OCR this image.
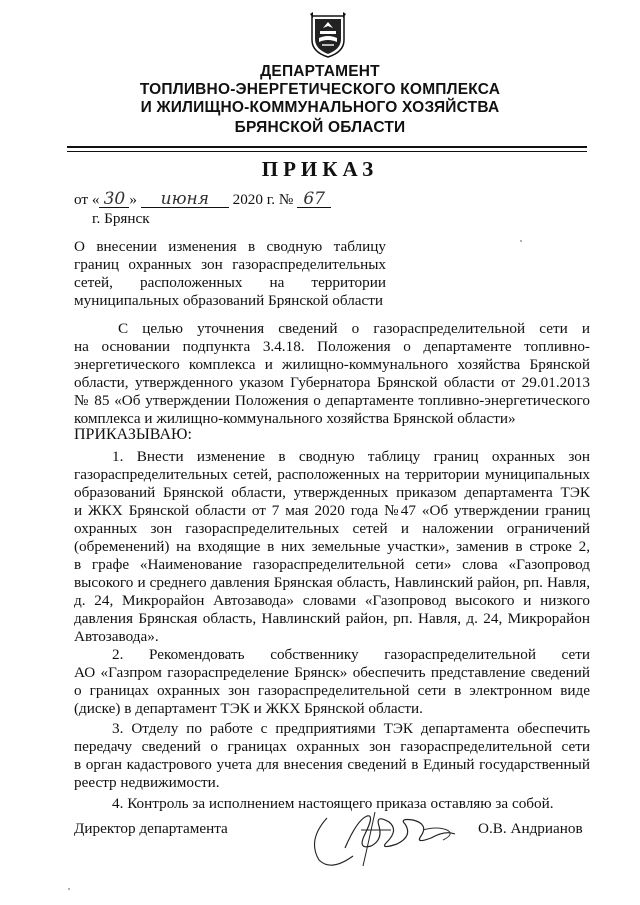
ДЕПАРТАМЕНТ
ТОПЛИВНО-ЭНЕРГЕТИЧЕСКОГО КОМПЛЕКСА
И ЖИЛИЩНО-КОММУНАЛЬНОГО ХОЗЯЙСТВА
БРЯНСКОЙ ОБЛАСТИ
ПРИКАЗ
от « 30 » июня 2020 г. № 67
г. Брянск
О внесении изменения в сводную таблицу
границ охранных зон газораспределительных
сетей, расположенных на территории
муниципальных образований Брянской области
С целью уточнения сведений о газораспределительной сети и
на основании подпункта 3.4.18. Положения о департаменте топливно-
энергетического комплекса и жилищно-коммунального хозяйства Брянской
области, утвержденного указом Губернатора Брянской области от 29.01.2013
№ 85 «Об утверждении Положения о департаменте топливно-энергетического
комплекса и жилищно-коммунального хозяйства Брянской области»
ПРИКАЗЫВАЮ:
1. Внести изменение в сводную таблицу границ охранных зон
газораспределительных сетей, расположенных на территории муниципальных
образований Брянской области, утвержденных приказом департамента ТЭК
и ЖКХ Брянской области от 7 мая 2020 года №47 «Об утверждении границ
охранных зон газораспределительных сетей и наложении ограничений
(обременений) на входящие в них земельные участки», заменив в строке 2,
в графе «Наименование газораспределительной сети» слова «Газопровод
высокого и среднего давления Брянская область, Навлинский район, рп. Навля,
д. 24, Микрорайон Автозавода» словами «Газопровод высокого и низкого
давления Брянская область, Навлинский район, рп. Навля, д. 24, Микрорайон
Автозавода».
2. Рекомендовать собственнику газораспределительной сети
АО «Газпром газораспределение Брянск» обеспечить представление сведений
о границах охранных зон газораспределительной сети в электронном виде
(диске) в департамент ТЭК и ЖКХ Брянской области.
3. Отделу по работе с предприятиями ТЭК департамента обеспечить
передачу сведений о границах охранных зон газораспределительной сети
в орган кадастрового учета для внесения сведений в Единый государственный
реестр недвижимости.
4. Контроль за исполнением настоящего приказа оставляю за собой.
Директор департамента	О.В. Андрианов
